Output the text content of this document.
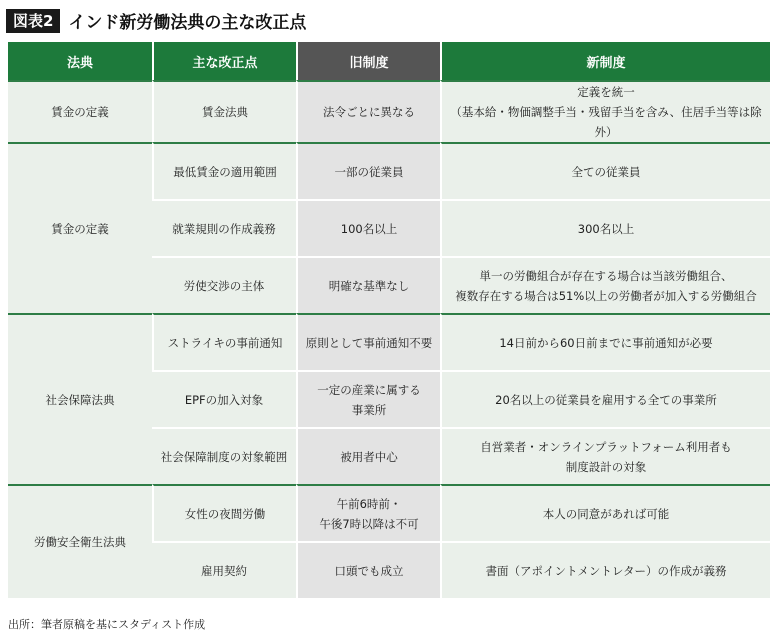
図表2 インド新労働法典の主な改正点
法典	主な改正点	旧制度	新制度
賃金の定義	賃金法典	法令ごとに異なる	定義を統一
（基本給・物価調整手当・残留手当を含み、住居手当等は除外）

賃金の定義	最低賃金の適用範囲	一部の従業員	全ての従業員

	就業規則の作成義務	100名以上	300名以上

	労使交渉の主体	明確な基準なし	単一の労働組合が存在する場合は当該労働組合、
複数存在する場合は51%以上の労働者が加入する労働組合

社会保障法典	ストライキの事前通知	原則として事前通知不要	14日前から60日前までに事前通知が必要

	EPFの加入対象	一定の産業に属する
事業所	20名以上の従業員を雇用する全ての事業所

	社会保障制度の対象範囲	被用者中心	自営業者・オンラインプラットフォーム利用者も
制度設計の対象

労働安全衛生法典	女性の夜間労働	午前6時前・
午後7時以降は不可	本人の同意があれば可能

	雇用契約	口頭でも成立	書面（アポイントメントレター）の作成が義務
出所：筆者原稿を基にスタディスト作成
